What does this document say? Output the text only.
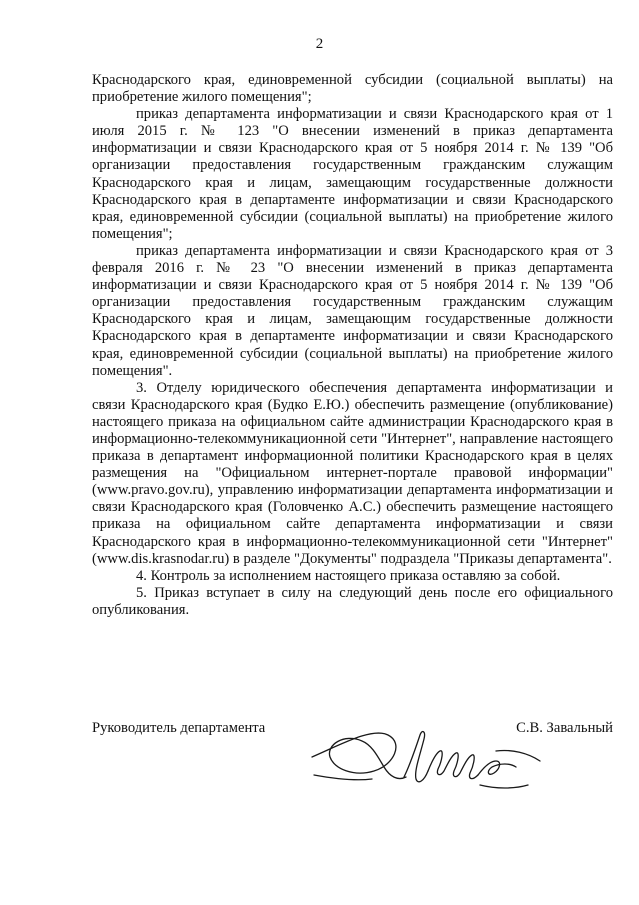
2

Краснодарского края, единовременной субсидии (социальной выплаты) на приобретение жилого помещения";

приказ департамента информатизации и связи Краснодарского края от 1 июля 2015 г. № 123 "О внесении изменений в приказ департамента информатизации и связи Краснодарского края от 5 ноября 2014 г. № 139 "Об организации предоставления государственным гражданским служащим Краснодарского края и лицам, замещающим государственные должности Краснодарского края в департаменте информатизации и связи Краснодарского края, единовременной субсидии (социальной выплаты) на приобретение жилого помещения";

приказ департамента информатизации и связи Краснодарского края от 3 февраля 2016 г. № 23 "О внесении изменений в приказ департамента информатизации и связи Краснодарского края от 5 ноября 2014 г. № 139 "Об организации предоставления государственным гражданским служащим Краснодарского края и лицам, замещающим государственные должности Краснодарского края в департаменте информатизации и связи Краснодарского края, единовременной субсидии (социальной выплаты) на приобретение жилого помещения".

3. Отделу юридического обеспечения департамента информатизации и связи Краснодарского края (Будко Е.Ю.) обеспечить размещение (опубликование) настоящего приказа на официальном сайте администрации Краснодарского края в информационно-телекоммуникационной сети "Интернет", направление настоящего приказа в департамент информационной политики Краснодарского края в целях размещения на "Официальном интернет-портале правовой информации" (www.pravo.gov.ru), управлению информатизации департамента информатизации и связи Краснодарского края (Головченко А.С.) обеспечить размещение настоящего приказа на официальном сайте департамента информатизации и связи Краснодарского края в информационно-телекоммуникационной сети "Интернет" (www.dis.krasnodar.ru) в разделе "Документы" подраздела "Приказы департамента".

4. Контроль за исполнением настоящего приказа оставляю за собой.

5. Приказ вступает в силу на следующий день после его официального опубликования.

Руководитель департамента	С.В. Завальный
